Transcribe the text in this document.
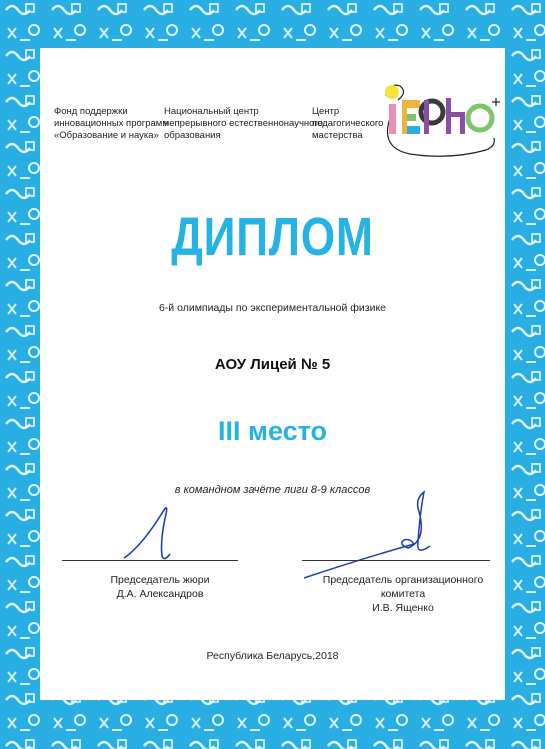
Фонд поддержки
инновационных программ
«Образование и наука»
Национальный центр
непрерывного естественнонаучного
образования
Центр
педагогического
мастерства
iEPhO
ДИПЛОМ
6-й олимпиады по экспериментальной физике
АОУ Лицей № 5
III место
в командном зачёте лиги 8-9 классов
Председатель жюри
Д.А. Александров
Председатель организационного
комитета
И.В. Ященко
Республика Беларусь,2018
